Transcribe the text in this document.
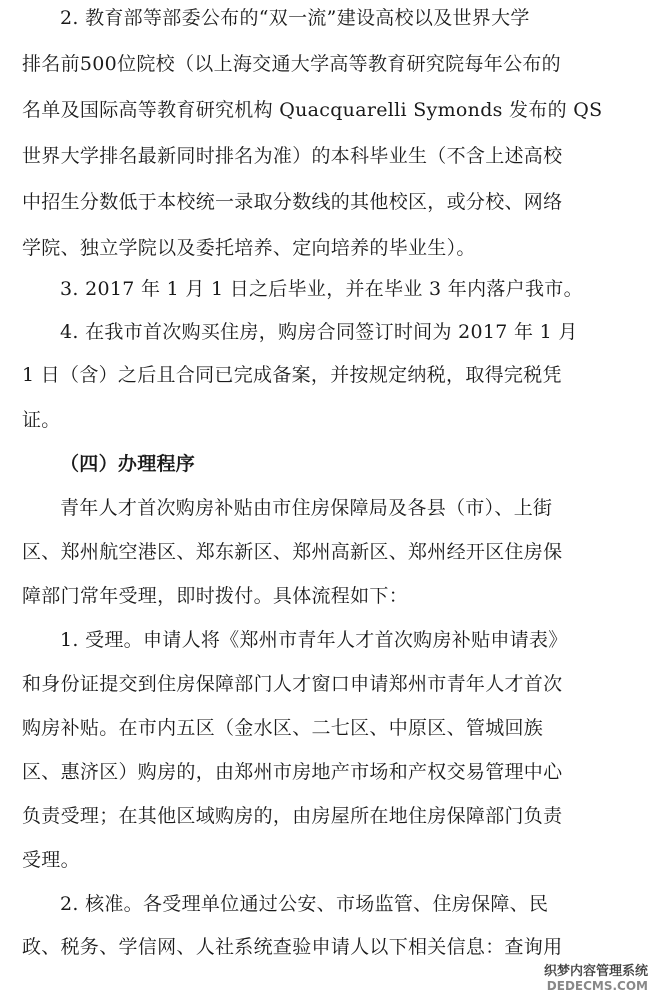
2. 教育部等部委公布的“双一流”建设高校以及世界大学
排名前500位院校（以上海交通大学高等教育研究院每年公布的
名单及国际高等教育研究机构 Quacquarelli Symonds 发布的 QS
世界大学排名最新同时排名为准）的本科毕业生（不含上述高校
中招生分数低于本校统一录取分数线的其他校区，或分校、网络
学院、独立学院以及委托培养、定向培养的毕业生）。
3. 2017 年 1 月 1 日之后毕业，并在毕业 3 年内落户我市。
4. 在我市首次购买住房，购房合同签订时间为 2017 年 1 月
1 日（含）之后且合同已完成备案，并按规定纳税，取得完税凭
证。
（四）办理程序
青年人才首次购房补贴由市住房保障局及各县（市）、上街
区、郑州航空港区、郑东新区、郑州高新区、郑州经开区住房保
障部门常年受理，即时拨付。具体流程如下：
1. 受理。申请人将《郑州市青年人才首次购房补贴申请表》
和身份证提交到住房保障部门人才窗口申请郑州市青年人才首次
购房补贴。在市内五区（金水区、二七区、中原区、管城回族
区、惠济区）购房的，由郑州市房地产市场和产权交易管理中心
负责受理；在其他区域购房的，由房屋所在地住房保障部门负责
受理。
2. 核准。各受理单位通过公安、市场监管、住房保障、民
政、税务、学信网、人社系统查验申请人以下相关信息：查询用
织梦内容管理系统
DEDECMS.COM
